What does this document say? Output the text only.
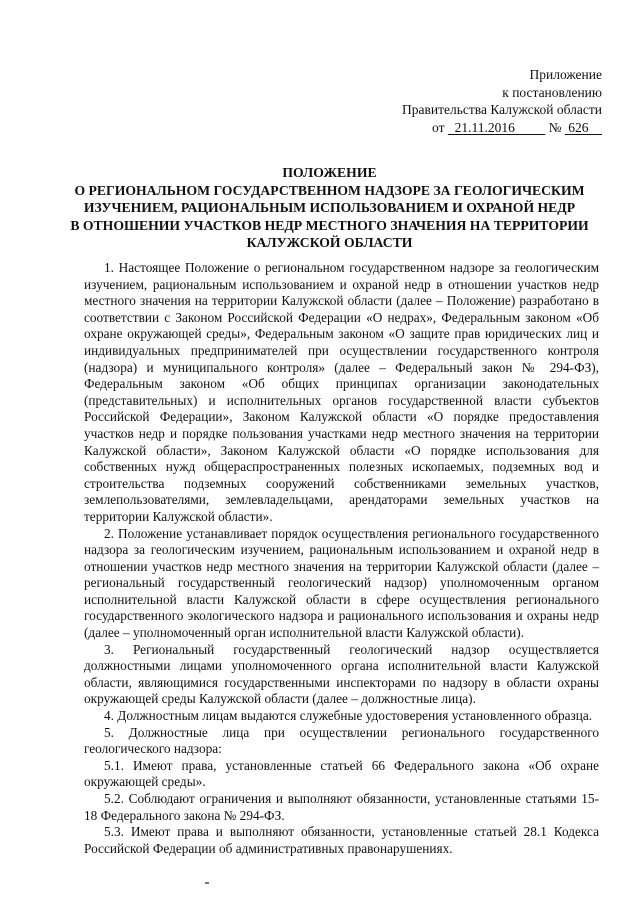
Приложение
к постановлению
Правительства Калужской области
от 21.11.2016	№ 626
ПОЛОЖЕНИЕ
О РЕГИОНАЛЬНОМ ГОСУДАРСТВЕННОМ НАДЗОРЕ ЗА ГЕОЛОГИЧЕСКИМ
ИЗУЧЕНИЕМ, РАЦИОНАЛЬНЫМ ИСПОЛЬЗОВАНИЕМ И ОХРАНОЙ НЕДР
В ОТНОШЕНИИ УЧАСТКОВ НЕДР МЕСТНОГО ЗНАЧЕНИЯ НА ТЕРРИТОРИИ
КАЛУЖСКОЙ ОБЛАСТИ

1. Настоящее Положение о региональном государственном надзоре за геологическим изучением, рациональным использованием и охраной недр в отношении участков недр местного значения на территории Калужской области (далее – Положение) разработано в соответствии с Законом Российской Федерации «О недрах», Федеральным законом «Об охране окружающей среды», Федеральным законом «О защите прав юридических лиц и индивидуальных предпринимателей при осуществлении государственного контроля (надзора) и муниципального контроля» (далее – Федеральный закон № 294-ФЗ), Федеральным законом «Об общих принципах организации законодательных (представительных) и исполнительных органов государственной власти субъектов Российской Федерации», Законом Калужской области «О порядке предоставления участков недр и порядке пользования участками недр местного значения на территории Калужской области», Законом Калужской области «О порядке использования для собственных нужд общераспространенных полезных ископаемых, подземных вод и строительства подземных сооружений собственниками земельных участков, землепользователями, землевладельцами, арендаторами земельных участков на территории Калужской области».

2. Положение устанавливает порядок осуществления регионального государственного надзора за геологическим изучением, рациональным использованием и охраной недр в отношении участков недр местного значения на территории Калужской области (далее – региональный государственный геологический надзор) уполномоченным органом исполнительной власти Калужской области в сфере осуществления регионального государственного экологического надзора и рационального использования и охраны недр (далее – уполномоченный орган исполнительной власти Калужской области).

3. Региональный государственный геологический надзор осуществляется должностными лицами уполномоченного органа исполнительной власти Калужской области, являющимися государственными инспекторами по надзору в области охраны окружающей среды Калужской области (далее – должностные лица).

4. Должностным лицам выдаются служебные удостоверения установленного образца.

5. Должностные лица при осуществлении регионального государственного геологического надзора:

5.1. Имеют права, установленные статьей 66 Федерального закона «Об охране окружающей среды».

5.2. Соблюдают ограничения и выполняют обязанности, установленные статьями 15-18 Федерального закона № 294-ФЗ.

5.3. Имеют права и выполняют обязанности, установленные статьей 28.1 Кодекса Российской Федерации об административных правонарушениях.
